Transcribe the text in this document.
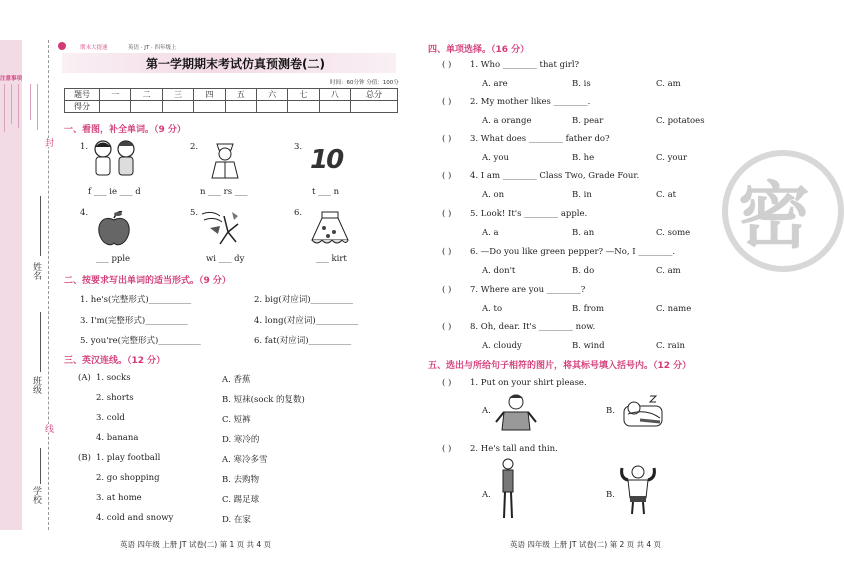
注意事项
封
线
姓名
班级
学校
期末大提速	英语 · JT · 四年级上
第一学期期末考试仿真预测卷(二)
时间：60分钟 分值：100分
题号	一	二	三	四	五	六	七	八	总分
得分									
一、看图，补全单词。（9 分）
1.
f ___ ie ___ d
2.
n ___ rs ___
3. 10
t ___ n
4.
___ pple
5.
wi ___ dy
6.
___ kirt
二、按要求写出单词的适当形式。（9 分）
1. he's(完整形式)__________	2. big(对应词)__________
3. I'm(完整形式)__________	4. long(对应词)__________
5. you're(完整形式)__________	6. fat(对应词)__________
三、英汉连线。（12 分）
(A) 1. socks
2. shorts
3. cold
4. banana
A. 香蕉
B. 短袜(sock 的复数)
C. 短裤
D. 寒冷的
(B) 1. play football
2. go shopping
3. at home
4. cold and snowy
A. 寒冷多雪
B. 去购物
C. 踢足球
D. 在家
英语 四年级 上册 JT 试卷(二) 第 1 页 共 4 页
四、单项选择。（16 分）
( ) 1. Who ________ that girl?
A. are	B. is	C. am
( ) 2. My mother likes ________.
A. a orange	B. pear	C. potatoes
( ) 3. What does ________ father do?
A. you	B. he	C. your
( ) 4. I am ________ Class Two, Grade Four.
A. on	B. in	C. at
( ) 5. Look! It's ________ apple.
A. a	B. an	C. some
( ) 6. —Do you like green pepper? —No, I ________.
A. don't	B. do	C. am
( ) 7. Where are you ________?
A. to	B. from	C. name
( ) 8. Oh, dear. It's ________ now.
A. cloudy	B. wind	C. rain
五、选出与所给句子相符的图片，将其标号填入括号内。（12 分）
( ) 1. Put on your shirt please.
A.	B.
( ) 2. He's tall and thin.
A.	B.
英语 四年级 上册 JT 试卷(二) 第 2 页 共 4 页
密
